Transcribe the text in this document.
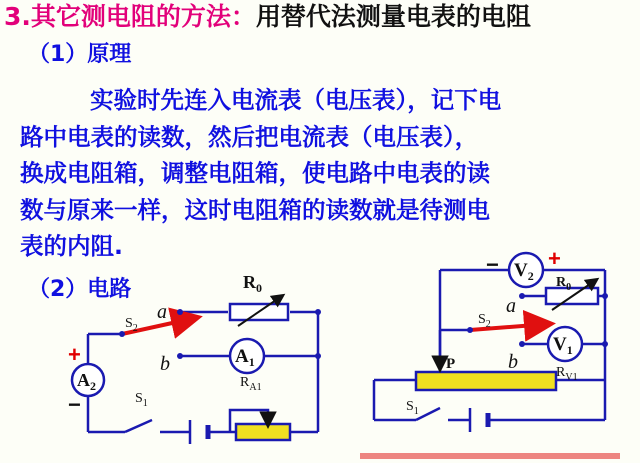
3.其它测电阻的方法：用替代法测量电表的电阻
（1）原理
实验时先连入电流表（电压表），记下电
路中电表的读数，然后把电流表（电压表），
换成电阻箱，调整电阻箱，使电路中电表的读
数与原来一样，这时电阻箱的读数就是待测电
表的内阻.
（2）电路	$R_0$
a
b
$S_2$
$S_1$
$A_1$
$A_2$	$R_{A1}$
+
−
$V_2$
− +
$R_0$
a
b
$S_2$
$V_1$
$R_{V1}$
P
$S_1$
